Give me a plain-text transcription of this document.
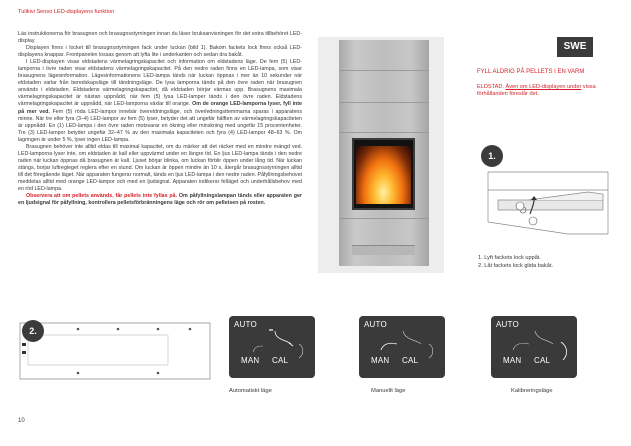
Tulikivi Senso LED-displayens funktion

Läs instruktionerna för brasugnen och brasugnsstyrningen innan du läser bruksanvisningen för det extra tillbehöret LED-display.

Displayen finns i locket till brasugnsstyrningen fack under luckan (bild 1). Bakom fackets lock finns också LED-displayens knappar. Frontpanelen lossas genom att lyfta lite i underkanten och sedan dra bakåt.

I LED-displayen visas eldstadens värmelagringskapacitet och information om eldstadens läge. De fem (5) LED-lamporna i övre raden visar eldstadens värmelagringskapacitet. På den nedre raden finns en LED-lampa, som visar brasugnens lägesinformation. Lägesinformationens LED-lampa tänds när luckan öppnas i mer än 10 sekunder när eldstaden varlar från beredskapsläge till tändningsläge. De lysa lamporna tänds på den övre raden när brasugnen används i eldstaden. Eldstadens värmelagringskapacitet, då eldstaden börjar värmas upp. Brasugnens maximala värmelagringskapacitet är nästan uppnådd, när fem (5) lysa LED-lamper tänds i den övre raden. Eldstadens värmelagringskapacitet är uppnådd, när LED-lamporna växlar till orange. Om de orange LED-lamporna lyser, fyll inte på mer ved. Fem (5) röda LED-lampor innebär övereldningsläge, och överledningsttemmarna sparas i apparatens minne. När tre eller fyra (3–4) LED-lampor av fem (5) lyser, betyder det att ungefär hälften av värmelagringskapaciteten är uppnådd. En (1) LED-lampa i den övre raden motsvarar en ökning eller minskning med ungefär 15 procentenheter. Tre (3) LED-lampor betyder ungefär 32–47 % av den maximala kapaciteten och fyra (4) LED-lampor 48–63 %. Om lagringen är under 5 %, lyser ingen LED-lampa.

Brasugnen behöver inte alltid eldas till maximal kapacitet, om du märker att det räcker med en mindre mängd ved. LED-lamporna lyser inte, om eldstaden är kall eller uppvärmd under en längre tid. En ljus LED-lampa tänds i den nedre raden när luckan öppnas då brasugnen är kall. Ljuset börjar blinka, om luckan förblir öppen under lång tid. När luckan stängs, borjar luftregleget reglera efter en stund. Om luckan är öppen mindre än 10 s, återgår brasugnsstyrningen alltid till det föregående läget. När apparaten fungerar normalt, tänds en ljus LED-lampa i den nedre raden. Påfyllningsbehovet meddelas alltid med orange LED-lampor och med en ljudsignal. Apparaten indikerar felläget och underhållsbehov med en röd LED-lampa.

Observera att om pellets används, får pellets inte fyllas på. Om påfyllningslampan tänds eller apparaten ger en ljudsignal för påfyllning, kontrollera pelletsförbränningens läge och rör om pelletsen på rosten.

10
SWE
FYLL ALDRIG PÅ PELLETS I EN VARM
ELDSTAD. Även om LED-displayen under vissa förhållanden föreslår det.
1.
1. Lyft fackets lock uppåt.
2. Låt fackets lock glida bakåt.
2.
AUTO
MAN CAL
AUTO
MAN CAL
AUTO
MAN CAL
Automatiskt läge	Manuellt läge	Kalibreringsläge
